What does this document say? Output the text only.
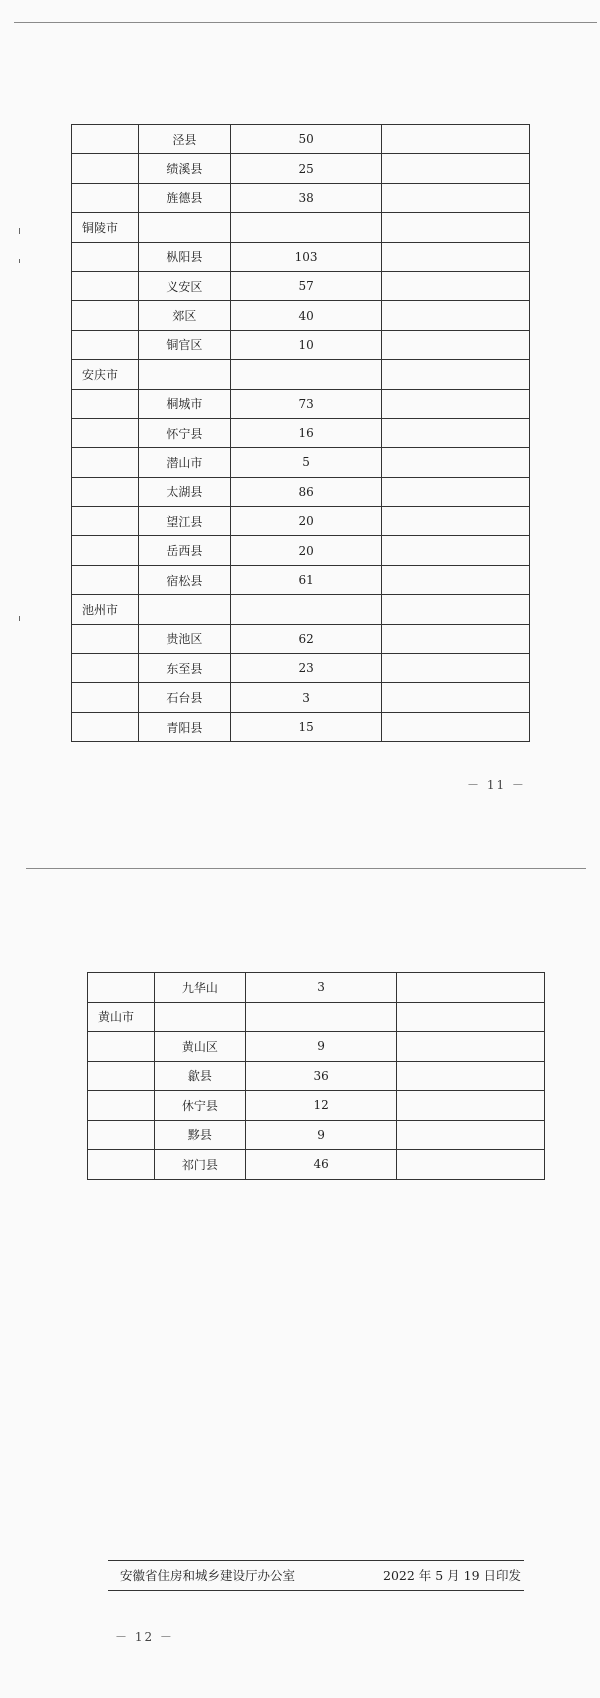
	泾县	50	
	绩溪县	25	
	旌德县	38	
铜陵市			
	枞阳县	103	
	义安区	57	
	郊区	40	
	铜官区	10	
安庆市			
	桐城市	73	
	怀宁县	16	
	潜山市	5	
	太湖县	86	
	望江县	20	
	岳西县	20	
	宿松县	61	
池州市			
	贵池区	62	
	东至县	23	
	石台县	3	
	青阳县	15	
－ 11 －
	九华山	3	
黄山市			
	黄山区	9	
	歙县	36	
	休宁县	12	
	黟县	9	
	祁门县	46	
安徽省住房和城乡建设厅办公室	2022 年 5 月 19 日印发
－ 12 －
